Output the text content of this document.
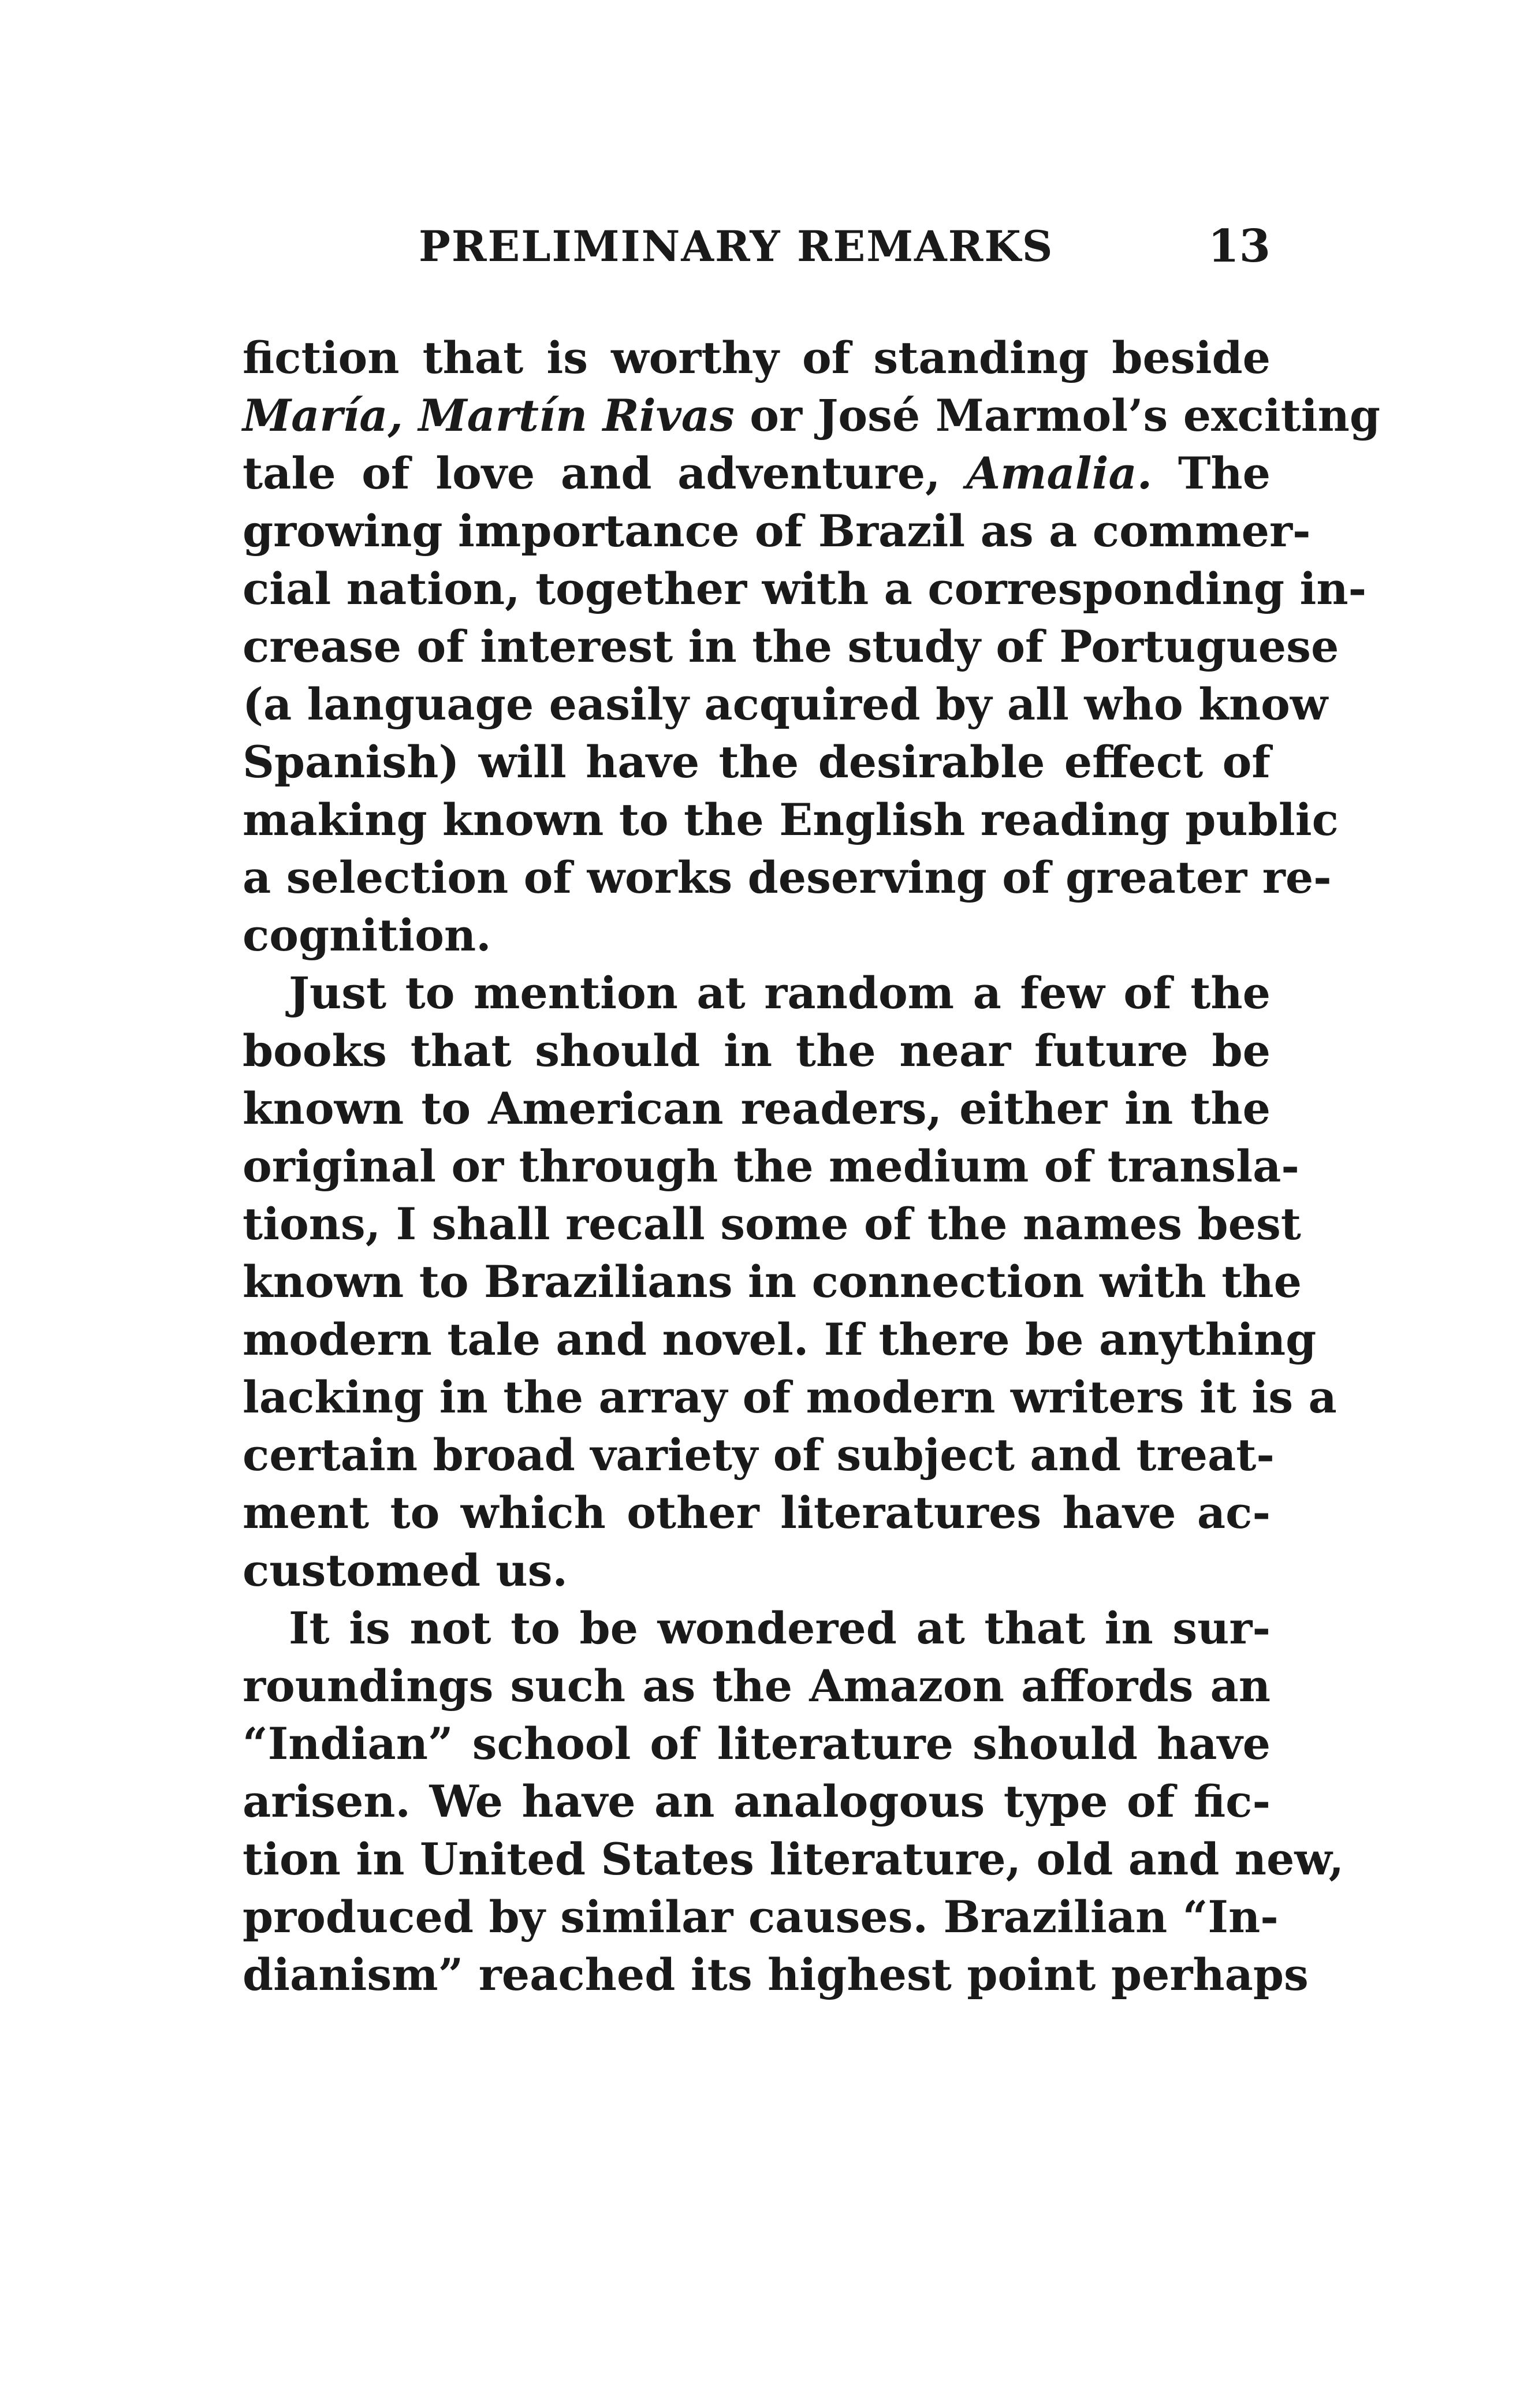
PRELIMINARY REMARKS	13
fiction that is worthy of standing beside
María, Martín Rivas or José Marmol’s exciting
tale of love and adventure, Amalia. The
growing importance of Brazil as a commer-
cial nation, together with a corresponding in-
crease of interest in the study of Portuguese
(a language easily acquired by all who know
Spanish) will have the desirable effect of
making known to the English reading public
a selection of works deserving of greater re-
cognition.
Just to mention at random a few of the
books that should in the near future be
known to American readers, either in the
original or through the medium of transla-
tions, I shall recall some of the names best
known to Brazilians in connection with the
modern tale and novel. If there be anything
lacking in the array of modern writers it is a
certain broad variety of subject and treat-
ment to which other literatures have ac-
customed us.
It is not to be wondered at that in sur-
roundings such as the Amazon affords an
“Indian” school of literature should have
arisen. We have an analogous type of fic-
tion in United States literature, old and new,
produced by similar causes. Brazilian “In-
dianism” reached its highest point perhaps
